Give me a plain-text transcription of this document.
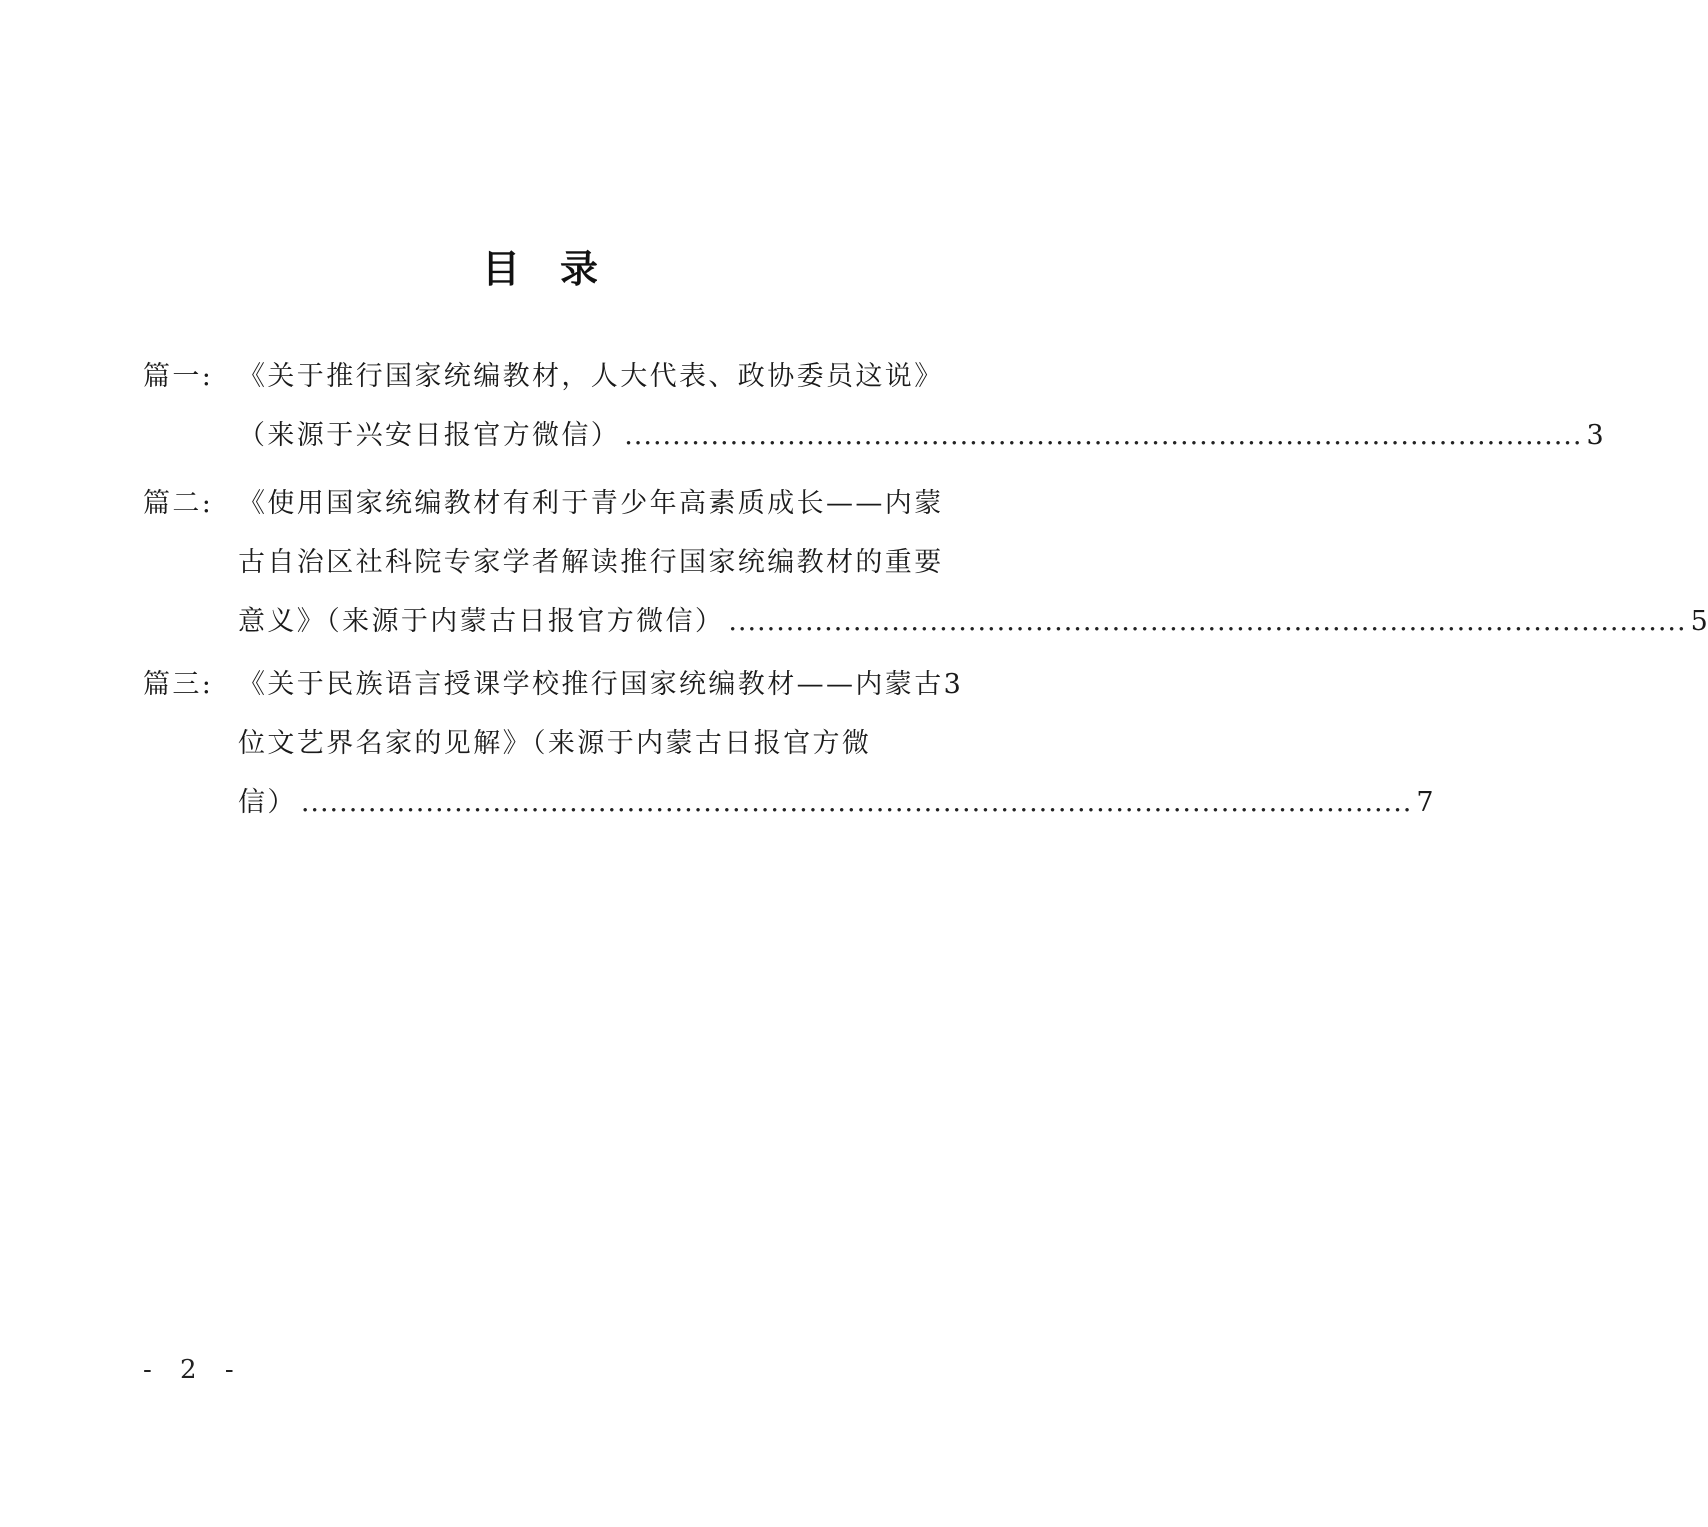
目录
篇一: 《关于推行国家统编教材，人大代表、政协委员这说》
（来源于兴安日报官方微信） .................................................................................................... 3
篇二: 《使用国家统编教材有利于青少年高素质成长——内蒙
古自治区社科院专家学者解读推行国家统编教材的重要
意义》（来源于内蒙古日报官方微信） .................................................................................................... 5
篇三: 《关于民族语言授课学校推行国家统编教材——内蒙古3
位文艺界名家的见解》（来源于内蒙古日报官方微
信） .................................................................................................................... 7
- 2 -
